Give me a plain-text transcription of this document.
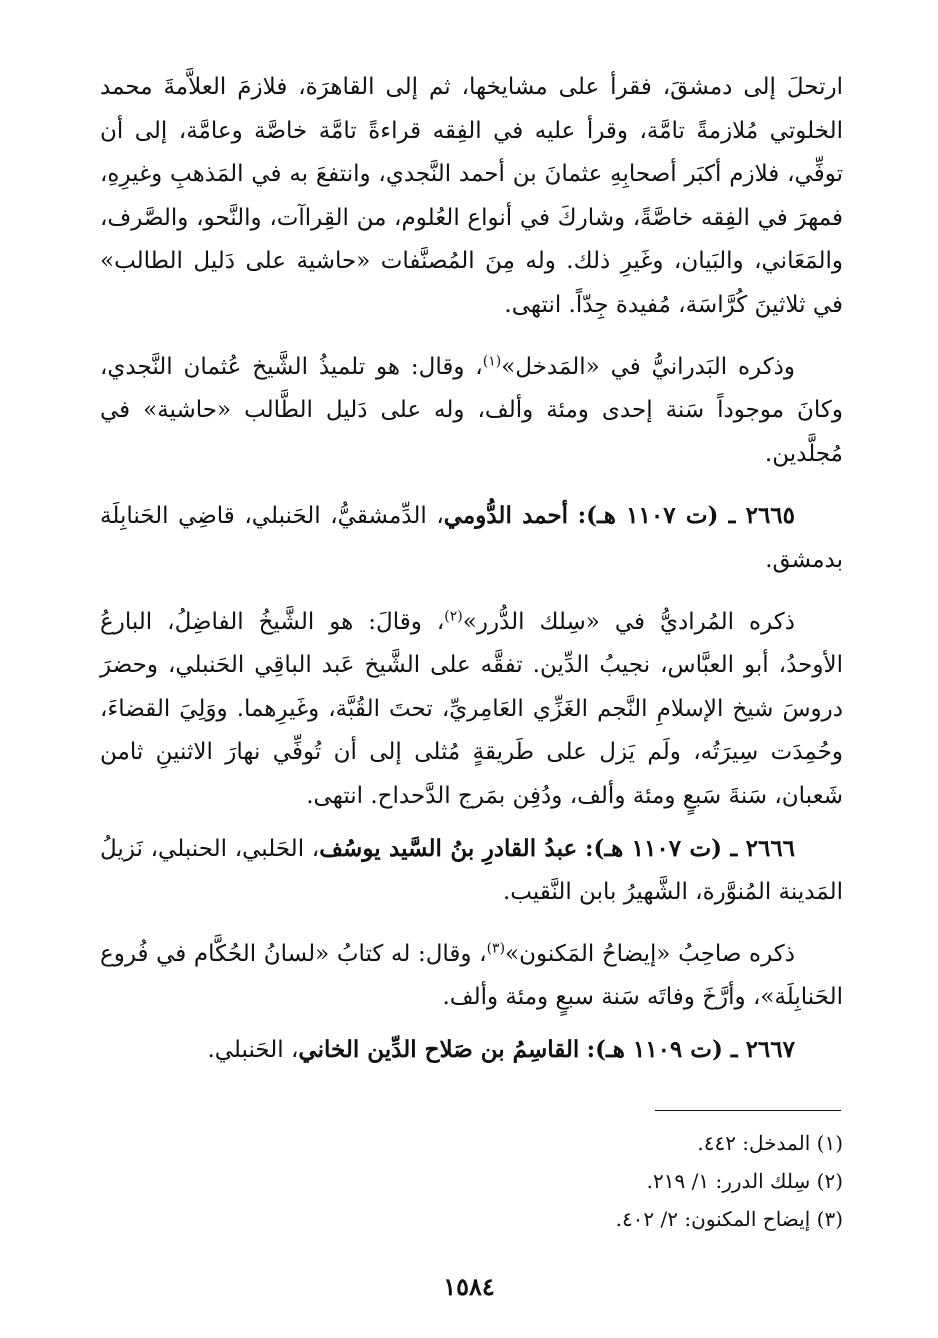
ارتحلَ إلى دمشقَ، فقرأ على مشايخها، ثم إلى القاهرَة، فلازمَ العلاَّمةَ محمد الخلوتي مُلازمةً تامَّة، وقرأ عليه في الفِقه قراءةً تامَّة خاصَّة وعامَّة، إلى أن توفِّي، فلازم أكبَر أصحابِهِ عثمانَ بن أحمد النَّجدي، وانتفعَ به في المَذهبِ وغيرِهِ، فمهرَ في الفِقه خاصَّةً، وشاركَ في أنواع العُلوم، من القِراآت، والنَّحو، والصَّرف، والمَعَاني، والبَيان، وغَيرِ ذلك. وله مِنَ المُصنَّفات «حاشية على دَليل الطالب» في ثلاثينَ كُرَّاسَة، مُفيدة جِدّاً. انتهى.

وذكره البَدرانيُّ في «المَدخل»$^{(١)}$، وقال: هو تلميذُ الشَّيخ عُثمان النَّجدي، وكانَ موجوداً سَنة إحدى ومئة وألف، وله على دَليل الطَّالب «حاشية» في مُجلَّدين.

٢٦٦٥ ـ (ت ١١٠٧ هـ): أحمد الدُّومي، الدِّمشقيُّ، الحَنبلي، قاضِي الحَنابِلَة بدمشق.

ذكره المُراديُّ في «سِلك الدُّرر»$^{(٢)}$، وقالَ: هو الشَّيخُ الفاضِلُ، البارعُ الأوحدُ، أبو العبَّاس، نجيبُ الدِّين. تفقَّه على الشَّيخ عَبد الباقِي الحَنبلي، وحضرَ دروسَ شيخ الإسلامِ النَّجم الغَزِّي العَامِريِّ، تحتَ القُبَّة، وغَيرِهما. ووَلِيَ القضاءَ، وحُمِدَت سِيرَتُه، ولَم يَزل على طَريقةٍ مُثلى إلى أن تُوفِّي نهارَ الاثنينِ ثامن شَعبان، سَنةَ سَبعٍ ومئة وألف، ودُفِن بمَرج الدَّحداح. انتهى.

٢٦٦٦ ـ (ت ١١٠٧ هـ): عبدُ القادرِ بنُ السَّيد يوسُف، الحَلبي، الحنبلي، نَزيلُ المَدينة المُنوَّرة، الشَّهيرُ بابن النَّقيب.

ذكره صاحِبُ «إيضاحُ المَكنون»$^{(٣)}$، وقال: له كتابُ «لسانُ الحُكَّام في فُروع الحَنابِلَة»، وأرَّخَ وفاتَه سَنة سبعٍ ومئة وألف.

٢٦٦٧ ـ (ت ١١٠٩ هـ): القاسِمُ بن صَلاح الدِّين الخاني، الحَنبلي.

(١) المدخل: ٤٤٢.

(٢) سِلك الدرر: ١/ ٢١٩.

(٣) إيضاح المكنون: ٢/ ٤٠٢.

١٥٨٤
